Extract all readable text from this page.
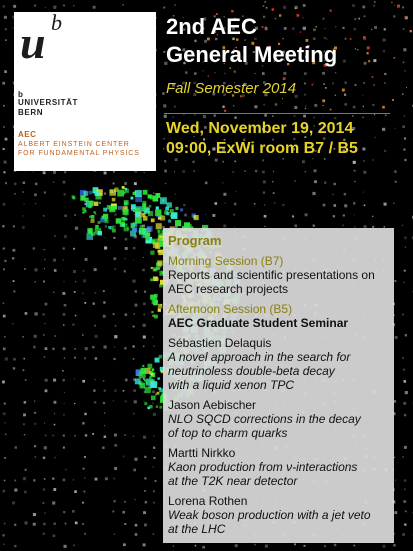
u b
b
UNIVERSITÄT
BERN
AEC
ALBERT EINSTEIN CENTER
FOR FUNDAMENTAL PHYSICS
2nd AEC
General Meeting
Fall Semester 2014
Wed, November 19, 2014
09:00, ExWi room B7 / B5
Program
Morning Session (B7)
Reports and scientific presentations on
AEC research projects
Afternoon Session (B5)
AEC Graduate Student Seminar
Sébastien Delaquis
A novel approach in the search for
neutrinoless double-beta decay
with a liquid xenon TPC
Jason Aebischer
NLO SQCD corrections in the decay
of top to charm quarks
Martti Nirkko
Kaon production from ν-interactions
at the T2K near detector
Lorena Rothen
Weak boson production with a jet veto
at the LHC
